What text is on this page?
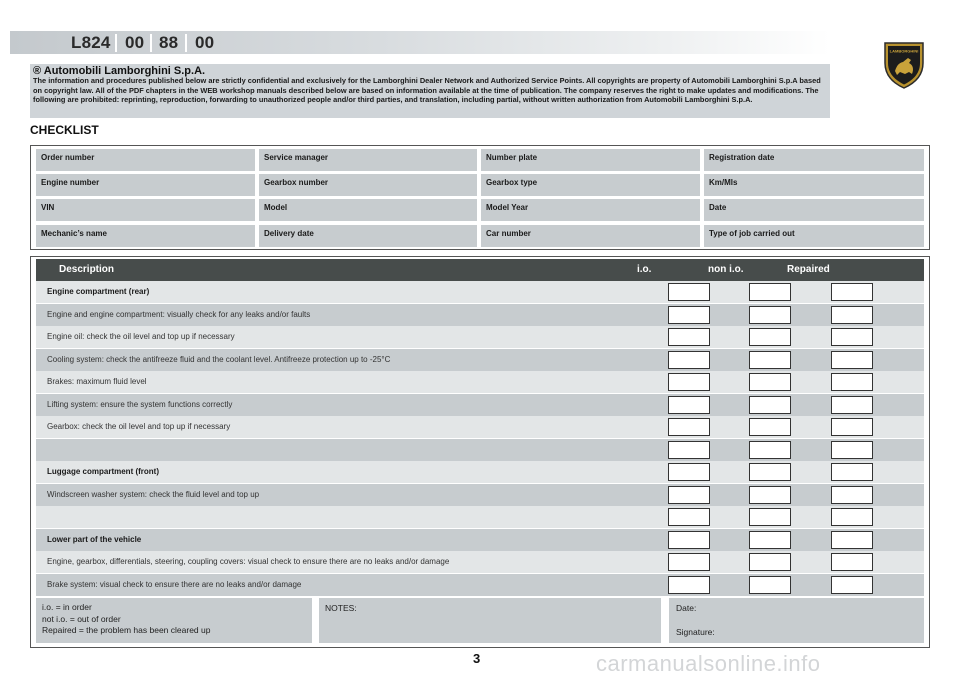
L824 00 88 00	LAMBORGHINI
® Automobili Lamborghini S.p.A.
The information and procedures published below are strictly confidential and exclusively for the Lamborghini Dealer Network and Authorized Service Points. All copyrights are property of Automobili Lamborghini S.p.A based on copyright law. All of the PDF chapters in the WEB workshop manuals described below are based on information available at the time of publication. The company reserves the right to make updates and modifications. The following are prohibited: reprinting, reproduction, forwarding to unauthorized people and/or third parties, and translation, including partial, without written authorization from Automobili Lamborghini S.p.A.
CHECKLIST
Order number	Service manager	Number plate	Registration date
Engine number	Gearbox number	Gearbox type	Km/Mls
VIN	Model	Model Year	Date
Mechanic’s name	Delivery date	Car number	Type of job carried out
Description	i.o.	non i.o.	Repaired
Engine compartment (rear)
Engine and engine compartment: visually check for any leaks and/or faults
Engine oil: check the oil level and top up if necessary
Cooling system: check the antifreeze fluid and the coolant level. Antifreeze protection up to -25°C
Brakes: maximum fluid level
Lifting system: ensure the system functions correctly
Gearbox: check the oil level and top up if necessary
Luggage compartment (front)
Windscreen washer system: check the fluid level and top up
Lower part of the vehicle
Engine, gearbox, differentials, steering, coupling covers: visual check to ensure there are no leaks and/or damage
Brake system: visual check to ensure there are no leaks and/or damage
i.o. = in order
not i.o. = out of order
Repaired = the problem has been cleared up
NOTES:	Date:
Signature:
3	carmanualsonline.info
